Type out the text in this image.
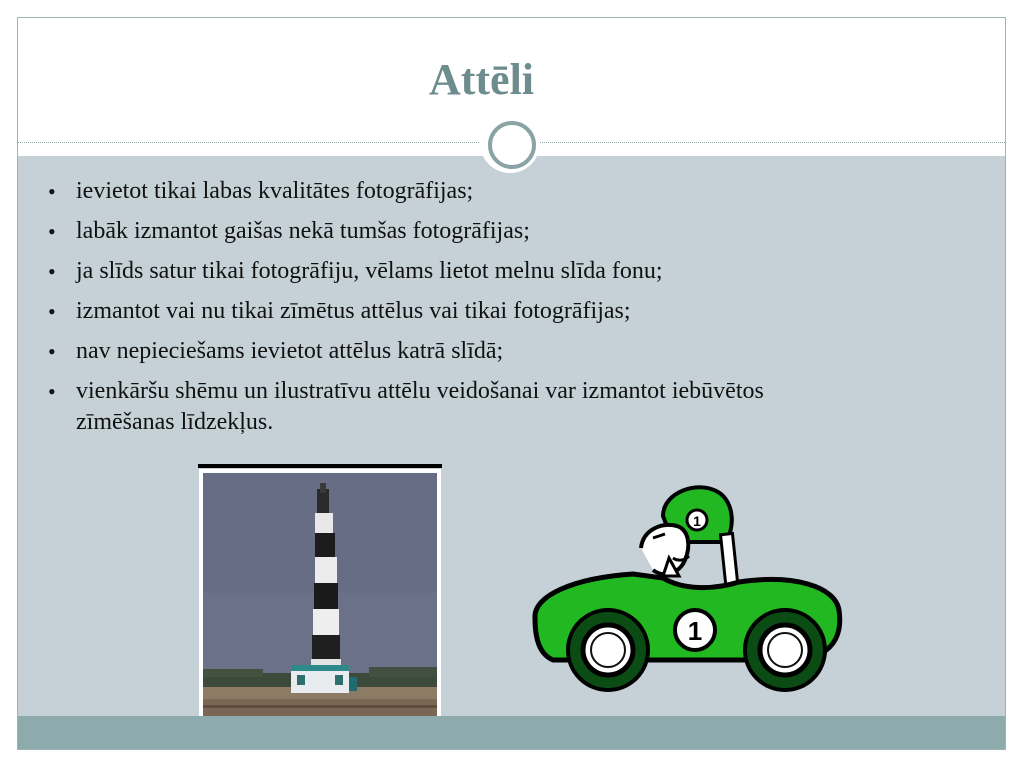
Attēli
• ievietot tikai labas kvalitātes fotogrāfijas;
• labāk izmantot gaišas nekā tumšas fotogrāfijas;
• ja slīds satur tikai fotogrāfiju, vēlams lietot melnu slīda fonu;
• izmantot vai nu tikai zīmētus attēlus vai tikai fotogrāfijas;
• nav nepieciešams ievietot attēlus katrā slīdā;
• vienkāršu shēmu un ilustratīvu attēlu veidošanai var izmantot iebūvētos zīmēšanas līdzekļus.
1
1
